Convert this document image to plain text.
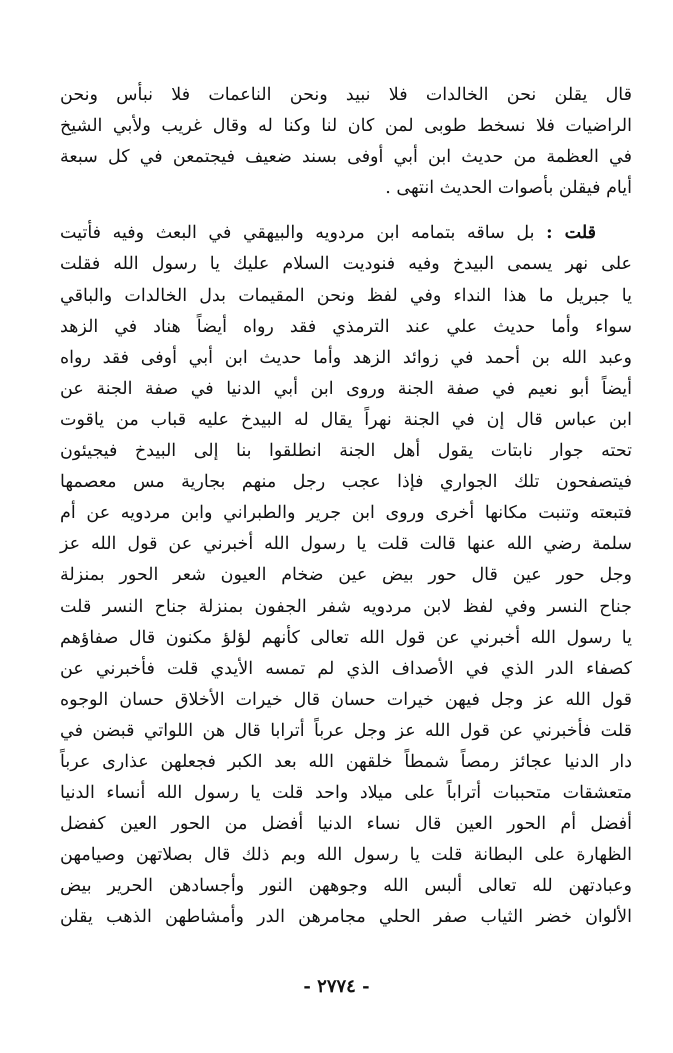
قال يقلن نحن الخالدات فلا نبيد ونحن الناعمات فلا نبأس ونحن
الراضيات فلا نسخط طوبى لمن كان لنا وكنا له وقال غريب ولأبي الشيخ
في العظمة من حديث ابن أبي أوفى بسند ضعيف فيجتمعن في كل سبعة
أيام فيقلن بأصوات الحديث انتهى .
قلت : بل ساقه بتمامه ابن مردويه والبيهقي في البعث وفيه فأتيت
على نهر يسمى البيدخ وفيه فنوديت السلام عليك يا رسول الله فقلت
يا جبريل ما هذا النداء وفي لفظ ونحن المقيمات بدل الخالدات والباقي
سواء وأما حديث علي عند الترمذي فقد رواه أيضاً هناد في الزهد
وعبد الله بن أحمد في زوائد الزهد وأما حديث ابن أبي أوفى فقد رواه
أيضاً أبو نعيم في صفة الجنة وروى ابن أبي الدنيا في صفة الجنة عن
ابن عباس قال إن في الجنة نهراً يقال له البيدخ عليه قباب من ياقوت
تحته جوار نابتات يقول أهل الجنة انطلقوا بنا إلى البيدخ فيجيئون
فيتصفحون تلك الجواري فإذا عجب رجل منهم بجارية مس معصمها
فتبعته وتنبت مكانها أخرى وروى ابن جرير والطبراني وابن مردويه عن أم
سلمة رضي الله عنها قالت قلت يا رسول الله أخبرني عن قول الله عز
وجل حور عين قال حور بيض عين ضخام العيون شعر الحور بمنزلة
جناح النسر وفي لفظ لابن مردويه شفر الجفون بمنزلة جناح النسر قلت
يا رسول الله أخبرني عن قول الله تعالى كأنهم لؤلؤ مكنون قال صفاؤهم
كصفاء الدر الذي في الأصداف الذي لم تمسه الأيدي قلت فأخبرني عن
قول الله عز وجل فيهن خيرات حسان قال خيرات الأخلاق حسان الوجوه
قلت فأخبرني عن قول الله عز وجل عرباً أترابا قال هن اللواتي قبضن في
دار الدنيا عجائز رمصاً شمطاً خلقهن الله بعد الكبر فجعلهن عذارى عرباً
متعشقات متحببات أتراباً على ميلاد واحد قلت يا رسول الله أنساء الدنيا
أفضل أم الحور العين قال نساء الدنيا أفضل من الحور العين كفضل
الظهارة على البطانة قلت يا رسول الله وبم ذلك قال بصلاتهن وصيامهن
وعبادتهن لله تعالى ألبس الله وجوههن النور وأجسادهن الحرير بيض
الألوان خضر الثياب صفر الحلي مجامرهن الدر وأمشاطهن الذهب يقلن
- ٢٧٧٤ -
